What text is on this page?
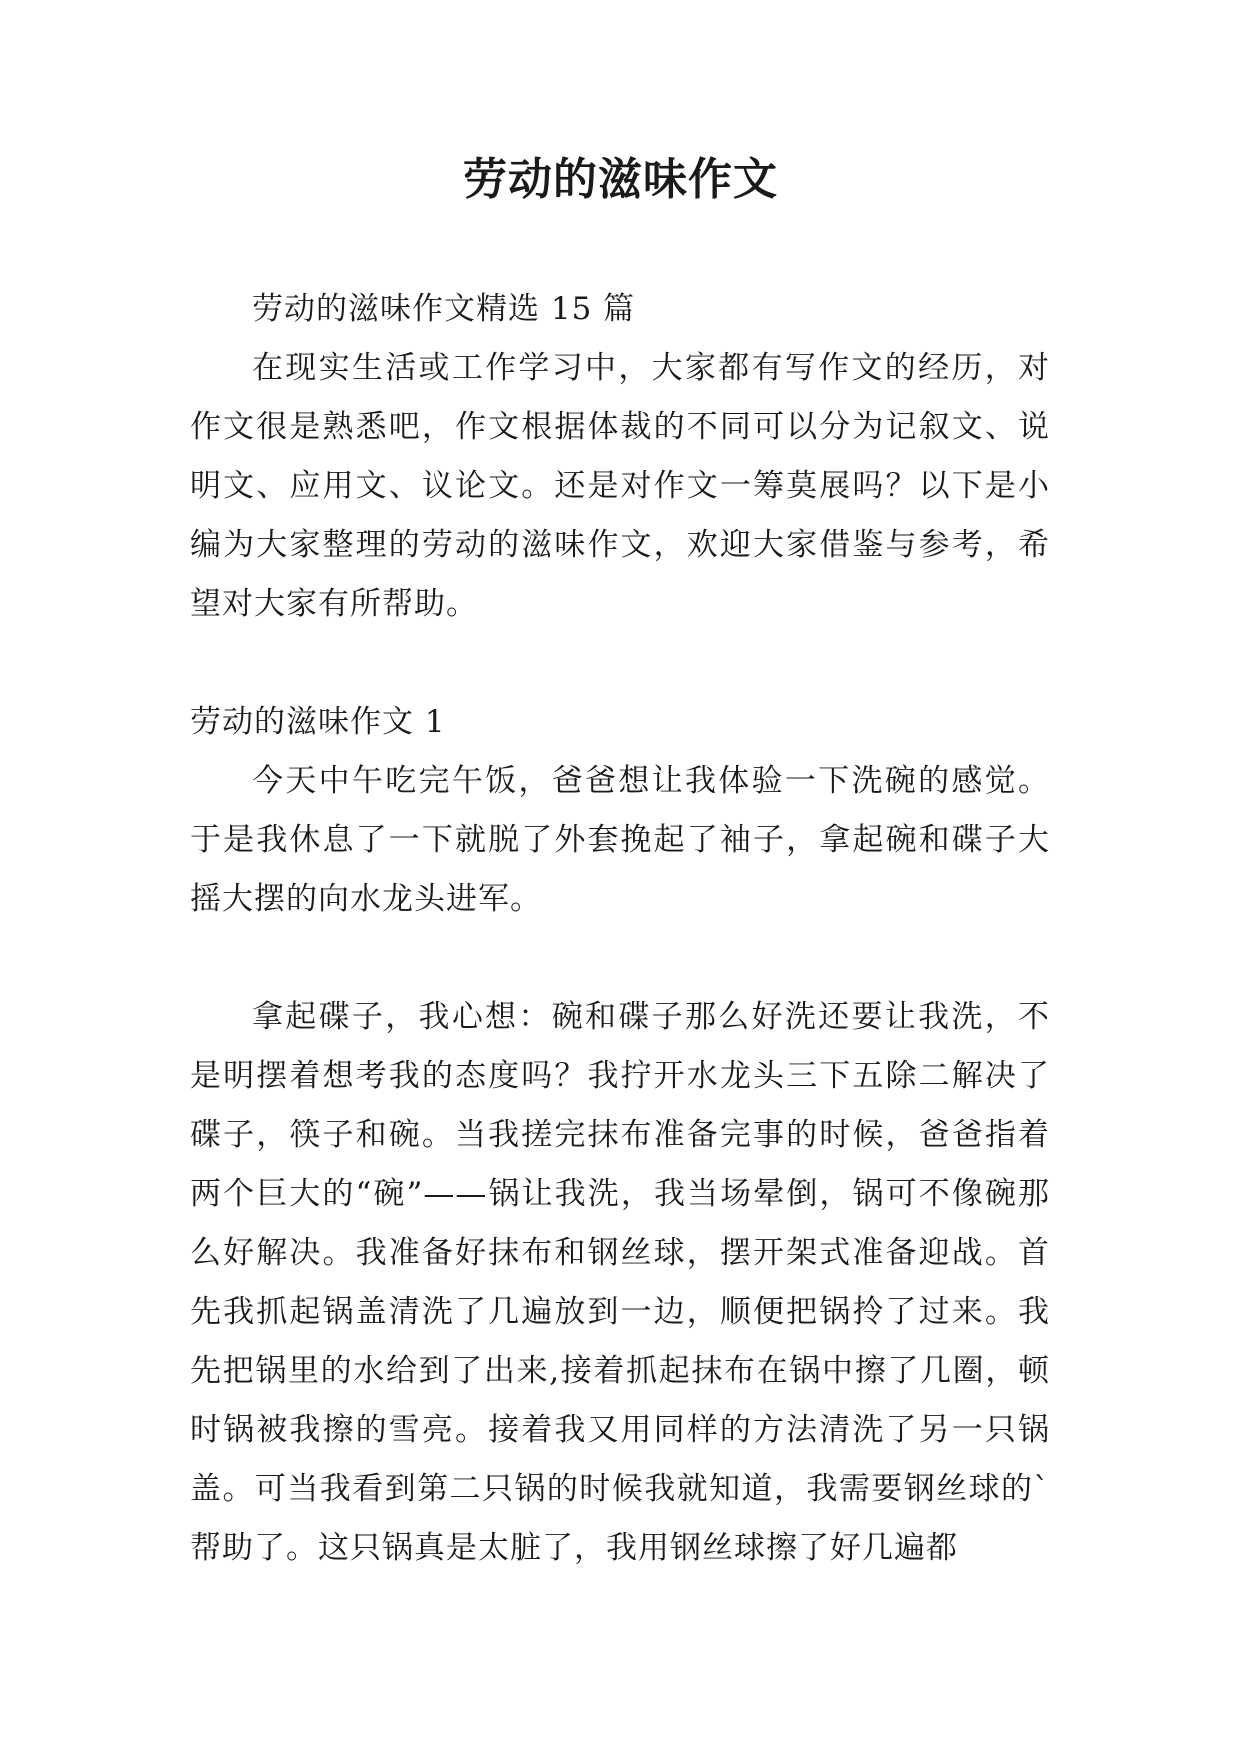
劳动的滋味作文

劳动的滋味作文精选 15 篇

在现实生活或工作学习中，大家都有写作文的经历，对作文很是熟悉吧，作文根据体裁的不同可以分为记叙文、说明文、应用文、议论文。还是对作文一筹莫展吗？以下是小编为大家整理的劳动的滋味作文，欢迎大家借鉴与参考，希望对大家有所帮助。

劳动的滋味作文 1

今天中午吃完午饭，爸爸想让我体验一下洗碗的感觉。于是我休息了一下就脱了外套挽起了袖子，拿起碗和碟子大摇大摆的向水龙头进军。

拿起碟子，我心想：碗和碟子那么好洗还要让我洗，不是明摆着想考我的态度吗？我拧开水龙头三下五除二解决了碟子，筷子和碗。当我搓完抹布准备完事的时候，爸爸指着两个巨大的“碗”——锅让我洗，我当场晕倒，锅可不像碗那么好解决。我准备好抹布和钢丝球，摆开架式准备迎战。首先我抓起锅盖清洗了几遍放到一边，顺便把锅拎了过来。我先把锅里的水给到了出来,接着抓起抹布在锅中擦了几圈，顿时锅被我擦的雪亮。接着我又用同样的方法清洗了另一只锅盖。可当我看到第二只锅的时候我就知道，我需要钢丝球的`帮助了。这只锅真是太脏了，我用钢丝球擦了好几遍都
